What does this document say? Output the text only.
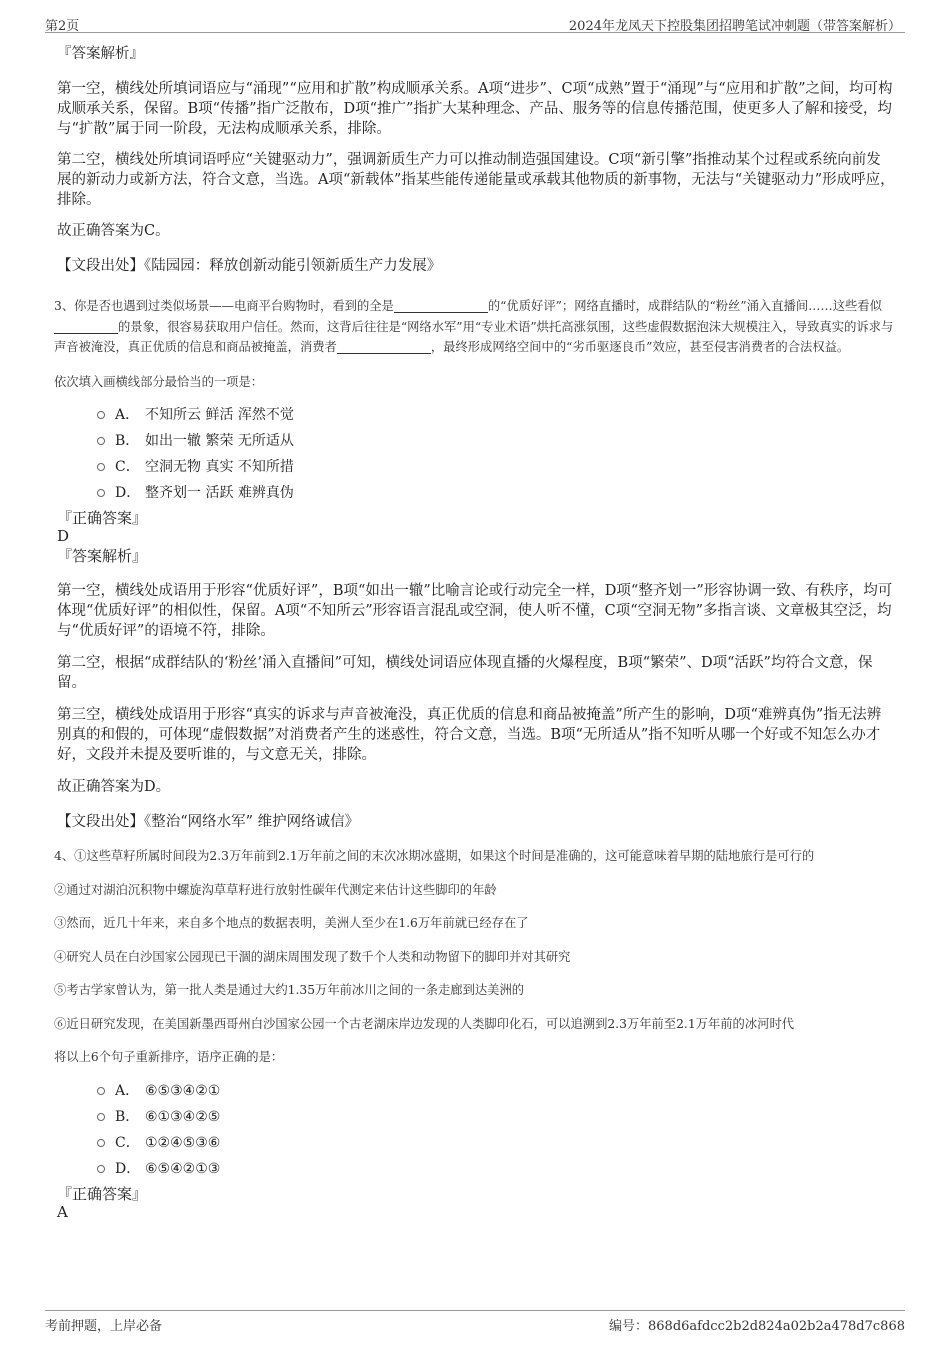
第2页	2024年龙凤天下控股集团招聘笔试冲刺题（带答案解析）

『答案解析』

第一空，横线处所填词语应与“涌现”“应用和扩散”构成顺承关系。A项“进步”、C项“成熟”置于“涌现”与“应用和扩散”之间，均可构成顺承关系，保留。B项“传播”指广泛散布，D项“推广”指扩大某种理念、产品、服务等的信息传播范围，使更多人了解和接受，均与“扩散”属于同一阶段，无法构成顺承关系，排除。

第二空，横线处所填词语呼应“关键驱动力”，强调新质生产力可以推动制造强国建设。C项“新引擎”指推动某个过程或系统向前发展的新动力或新方法，符合文意，当选。A项“新载体”指某些能传递能量或承载其他物质的新事物，无法与“关键驱动力”形成呼应，排除。

故正确答案为C。

【文段出处】《陆园园：释放创新动能引领新质生产力发展》

3、你是否也遇到过类似场景——电商平台购物时，看到的全是	的“优质好评”；网络直播时，成群结队的“粉丝”涌入直播间……这些看似的景象，很容易获取用户信任。然而，这背后往往是“网络水军”用“专业术语”烘托高涨氛围，这些虚假数据泡沫大规模注入，导致真实的诉求与声音被淹没，真正优质的信息和商品被掩盖，消费者	，最终形成网络空间中的“劣币驱逐良币”效应，甚至侵害消费者的合法权益。

依次填入画横线部分最恰当的一项是：

A． 不知所云 鲜活 浑然不觉
B． 如出一辙 繁荣 无所适从
C． 空洞无物 真实 不知所措
D． 整齐划一 活跃 难辨真伪

『正确答案』

D

『答案解析』

第一空，横线处成语用于形容“优质好评”，B项“如出一辙”比喻言论或行动完全一样，D项“整齐划一”形容协调一致、有秩序，均可体现“优质好评”的相似性，保留。A项“不知所云”形容语言混乱或空洞，使人听不懂，C项“空洞无物”多指言谈、文章极其空泛，均与“优质好评”的语境不符，排除。

第二空，根据“成群结队的‘粉丝’涌入直播间”可知，横线处词语应体现直播的火爆程度，B项“繁荣”、D项“活跃”均符合文意，保留。

第三空，横线处成语用于形容“真实的诉求与声音被淹没，真正优质的信息和商品被掩盖”所产生的影响，D项“难辨真伪”指无法辨别真的和假的，可体现“虚假数据”对消费者产生的迷惑性，符合文意，当选。B项“无所适从”指不知听从哪一个好或不知怎么办才好，文段并未提及要听谁的，与文意无关，排除。

故正确答案为D。

【文段出处】《整治“网络水军” 维护网络诚信》

4、①这些草籽所属时间段为2.3万年前到2.1万年前之间的末次冰期冰盛期，如果这个时间是准确的，这可能意味着早期的陆地旅行是可行的

②通过对湖泊沉积物中螺旋沟草草籽进行放射性碳年代测定来估计这些脚印的年龄

③然而，近几十年来，来自多个地点的数据表明，美洲人至少在1.6万年前就已经存在了

④研究人员在白沙国家公园现已干涸的湖床周围发现了数千个人类和动物留下的脚印并对其研究

⑤考古学家曾认为，第一批人类是通过大约1.35万年前冰川之间的一条走廊到达美洲的

⑥近日研究发现，在美国新墨西哥州白沙国家公园一个古老湖床岸边发现的人类脚印化石，可以追溯到2.3万年前至2.1万年前的冰河时代

将以上6个句子重新排序，语序正确的是：

A． ⑥⑤③④②①
B． ⑥①③④②⑤
C． ①②④⑤③⑥
D． ⑥⑤④②①③

『正确答案』

A

考前押题，上岸必备	编号：868d6afdcc2b2d824a02b2a478d7c868
